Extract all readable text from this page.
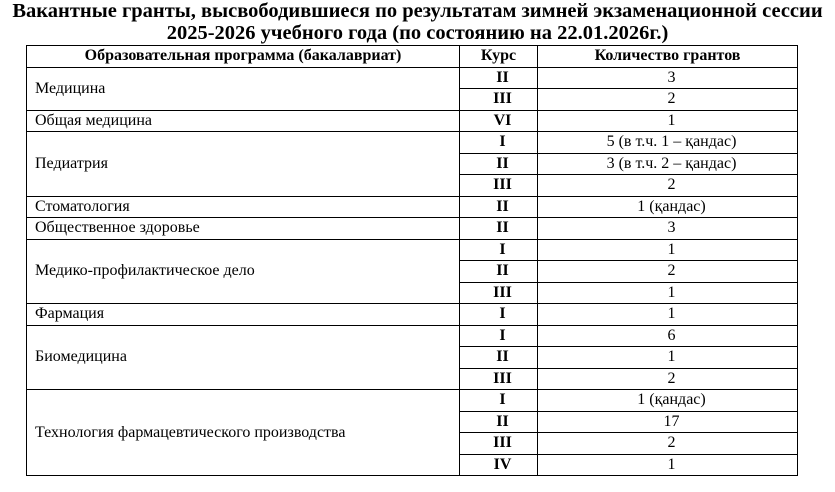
Вакантные гранты, высвободившиеся по результатам зимней экзаменационной сессии
2025-2026 учебного года (по состоянию на 22.01.2026г.)
Образовательная программа (бакалавриат)	Курс	Количество грантов
Медицина	II	3
	III	2
Общая медицина	VI	1
Педиатрия	I	5 (в т.ч. 1 – қандас)
	II	3 (в т.ч. 2 – қандас)
	III	2
Стоматология	II	1 (қандас)
Общественное здоровье	II	3
Медико-профилактическое дело	I	1
	II	2
	III	1
Фармация	I	1
Биомедицина	I	6
	II	1
	III	2
Технология фармацевтического производства	I	1 (қандас)
	II	17
	III	2
	IV	1
